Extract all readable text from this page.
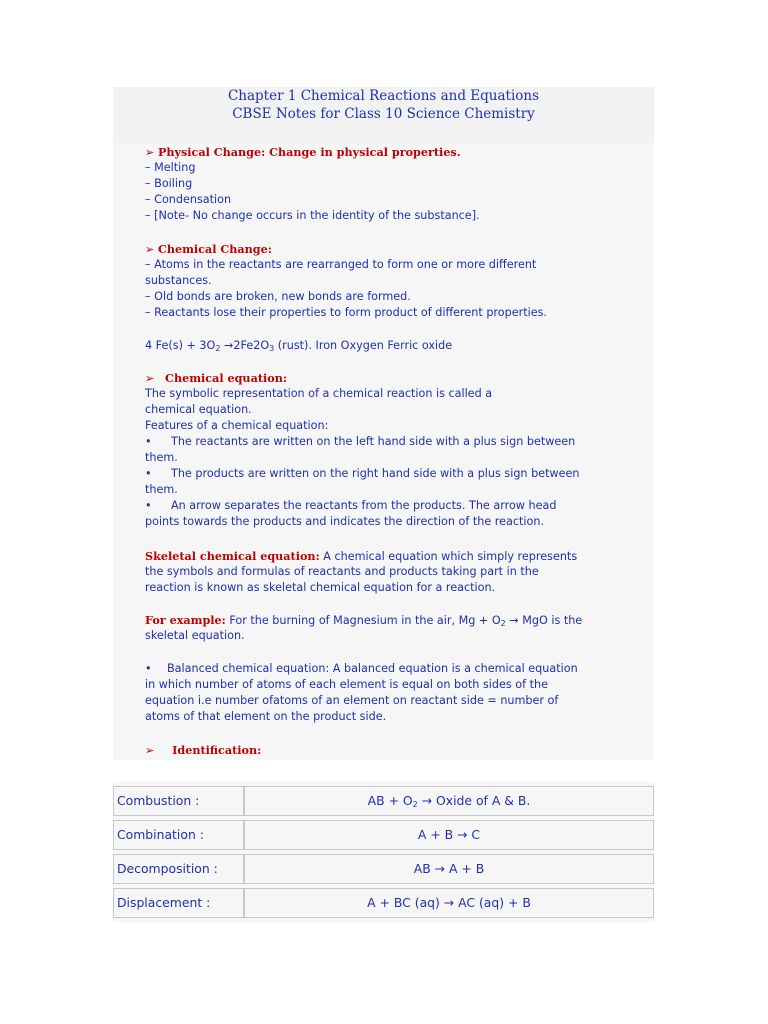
Chapter 1 Chemical Reactions and Equations
CBSE Notes for Class 10 Science Chemistry
➢ Physical Change: Change in physical properties.
– Melting
– Boiling
– Condensation
– [Note- No change occurs in the identity of the substance].
➢ Chemical Change:
– Atoms in the reactants are rearranged to form one or more different
substances.
– Old bonds are broken, new bonds are formed.
– Reactants lose their properties to form product of different properties.
4 $Fe(s) + 3O_2 \to 2Fe2O_3$ (rust). Iron Oxygen Ferric oxide
➢ Chemical equation:
The symbolic representation of a chemical reaction is called a
chemical equation.
Features of a chemical equation:
• The reactants are written on the left hand side with a plus sign between
them.
• The products are written on the right hand side with a plus sign between
them.
• An arrow separates the reactants from the products. The arrow head
points towards the products and indicates the direction of the reaction.
Skeletal chemical equation: A chemical equation which simply represents
the symbols and formulas of reactants and products taking part in the
reaction is known as skeletal chemical equation for a reaction.
For example: For the burning of Magnesium in the air, $Mg + O_2$ → MgO is the
skeletal equation.
• Balanced chemical equation: A balanced equation is a chemical equation
in which number of atoms of each element is equal on both sides of the
equation i.e number ofatoms of an element on reactant side = number of
atoms of that element on the product side.
➢ Identification:
Combustion :	AB + $O_2$ → Oxide of A & B.
Combination :	A + B → C
Decomposition :	AB → A + B
Displacement :	A + BC (aq) → AC (aq) + B
